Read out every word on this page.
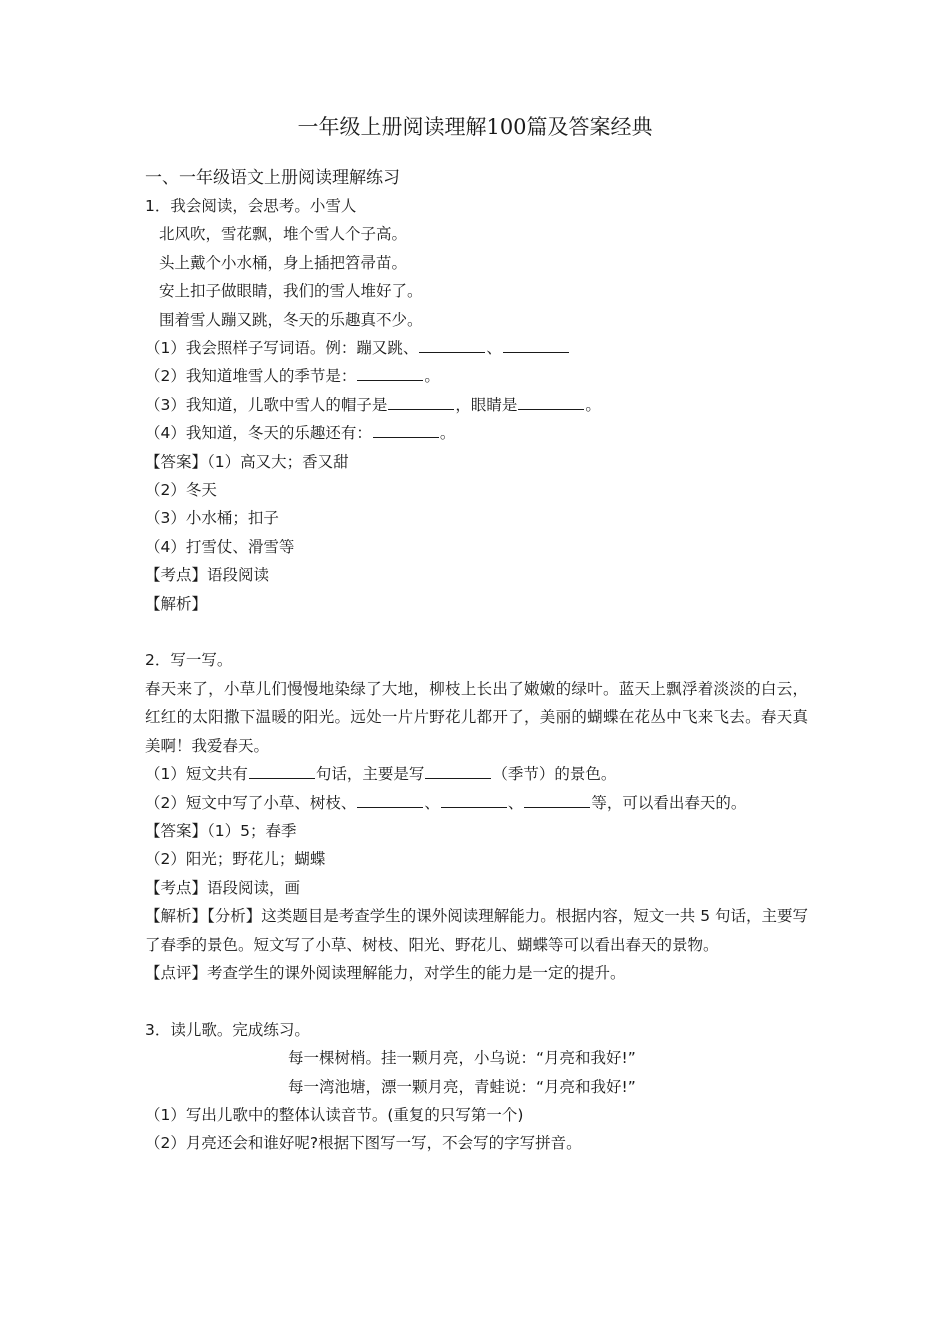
一年级上册阅读理解100篇及答案经典
一、一年级语文上册阅读理解练习
1．我会阅读，会思考。小雪人
北风吹，雪花飘，堆个雪人个子高。
头上戴个小水桶，身上插把笤帚苗。
安上扣子做眼睛，我们的雪人堆好了。
围着雪人蹦又跳，冬天的乐趣真不少。
（1）我会照样子写词语。例：蹦又跳、	、
（2）我知道堆雪人的季节是：	。
（3）我知道，儿歌中雪人的帽子是	，眼睛是	。
（4）我知道，冬天的乐趣还有：	。
【答案】（1）高又大；香又甜
（2）冬天
（3）小水桶；扣子
（4）打雪仗、滑雪等
【考点】语段阅读
【解析】
2．写一写。
春天来了，小草儿们慢慢地染绿了大地，柳枝上长出了嫩嫩的绿叶。蓝天上飘浮着淡淡的白云，红红的太阳撒下温暖的阳光。远处一片片野花儿都开了，美丽的蝴蝶在花丛中飞来飞去。春天真美啊！我爱春天。
（1）短文共有	句话，主要是写	（季节）的景色。
（2）短文中写了小草、树枝、	、	、	等，可以看出春天的。
【答案】（1）5；春季
（2）阳光；野花儿；蝴蝶
【考点】语段阅读，画
【解析】【分析】这类题目是考查学生的课外阅读理解能力。根据内容，短文一共 5 句话，主要写了春季的景色。短文写了小草、树枝、阳光、野花儿、蝴蝶等可以看出春天的景物。
【点评】考查学生的课外阅读理解能力，对学生的能力是一定的提升。
3．读儿歌。完成练习。
每一棵树梢。挂一颗月亮，小乌说：“月亮和我好!”
每一湾池塘，漂一颗月亮，青蛙说：“月亮和我好!”
（1）写出儿歌中的整体认读音节。(重复的只写第一个)
（2）月亮还会和谁好呢?根据下图写一写，不会写的字写拼音。
